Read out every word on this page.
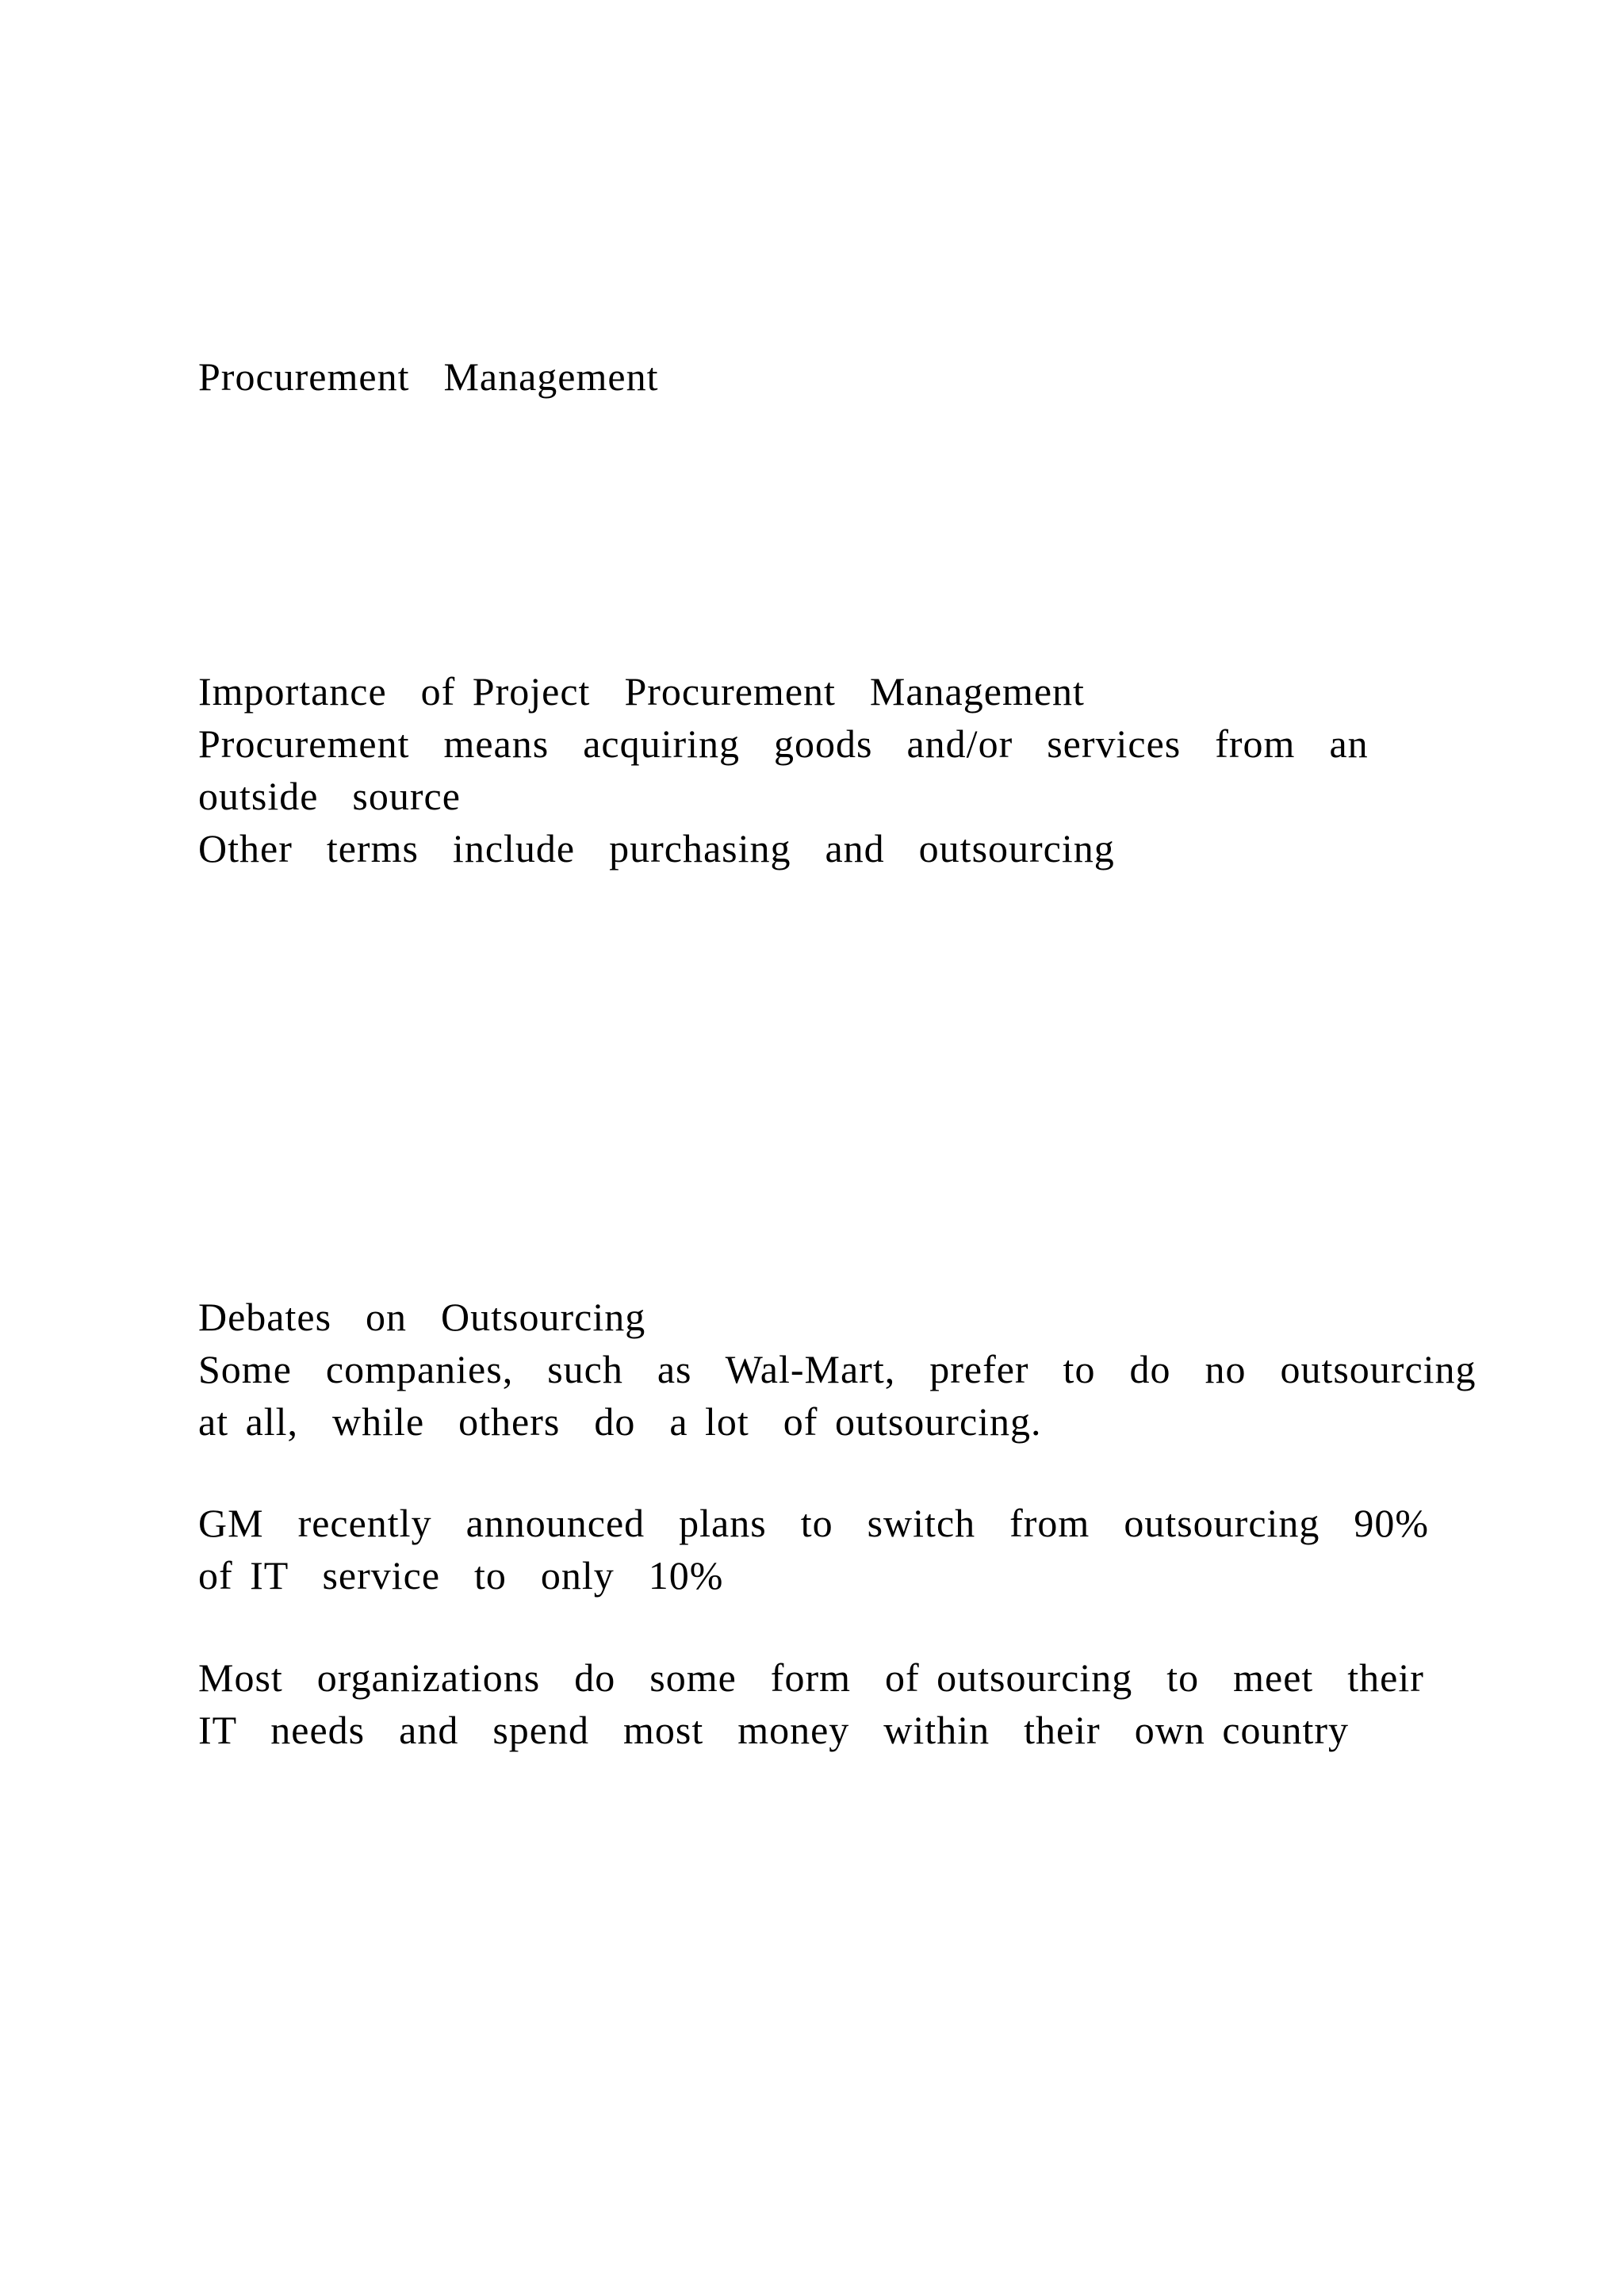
Procurement  Management

Importance  of Project  Procurement  Management

Procurement  means  acquiring  goods  and/or  services  from  an

outside  source

Other  terms  include  purchasing  and  outsourcing

Debates  on  Outsourcing

Some  companies,  such  as  Wal-Mart,  prefer  to  do  no  outsourcing

at all,  while  others  do  a lot  of outsourcing.

GM  recently  announced  plans  to  switch  from  outsourcing  90%

of IT  service  to  only  10%

Most  organizations  do  some  form  of outsourcing  to  meet  their

IT  needs  and  spend  most  money  within  their  own country
